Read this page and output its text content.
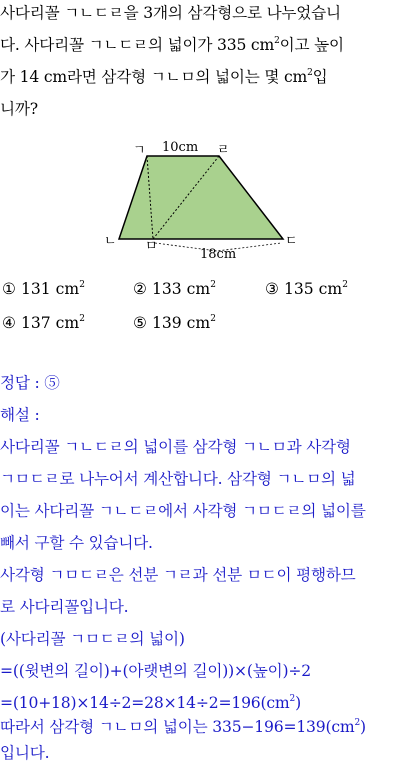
사다리꼴 ㄱㄴㄷㄹ을 3개의 삼각형으로 나누었습니

다. 사다리꼴 ㄱㄴㄷㄹ의 넓이가 335 $cm^2$이고 높이

가 14 cm라면 삼각형 ㄱㄴㅁ의 넓이는 몇 $cm^2$입

니까?

ㄱ	ㄹ
ㄴ ㅁ	ㄷ
10cm
18cm
① 131 $cm^2$	② 133 $cm^2$	③ 135 $cm^2$
④ 137 $cm^2$	⑤ 139 $cm^2$

정답 : ⑤

해설 :

사다리꼴 ㄱㄴㄷㄹ의 넓이를 삼각형 ㄱㄴㅁ과 사각형

ㄱㅁㄷㄹ로 나누어서 계산합니다. 삼각형 ㄱㄴㅁ의 넓

이는 사다리꼴 ㄱㄴㄷㄹ에서 사각형 ㄱㅁㄷㄹ의 넓이를

빼서 구할 수 있습니다.

사각형 ㄱㅁㄷㄹ은 선분 ㄱㄹ과 선분 ㅁㄷ이 평행하므

로 사다리꼴입니다.

(사다리꼴 ㄱㅁㄷㄹ의 넓이)

=((윗변의 길이)+(아랫변의 길이))×(높이)÷2

$=(10+18)\times 14\div 2=28\times 14\div 2=196(cm^2)$

따라서 삼각형 ㄱㄴㅁ의 넓이는 $335-196=139(cm^2)$

입니다.
